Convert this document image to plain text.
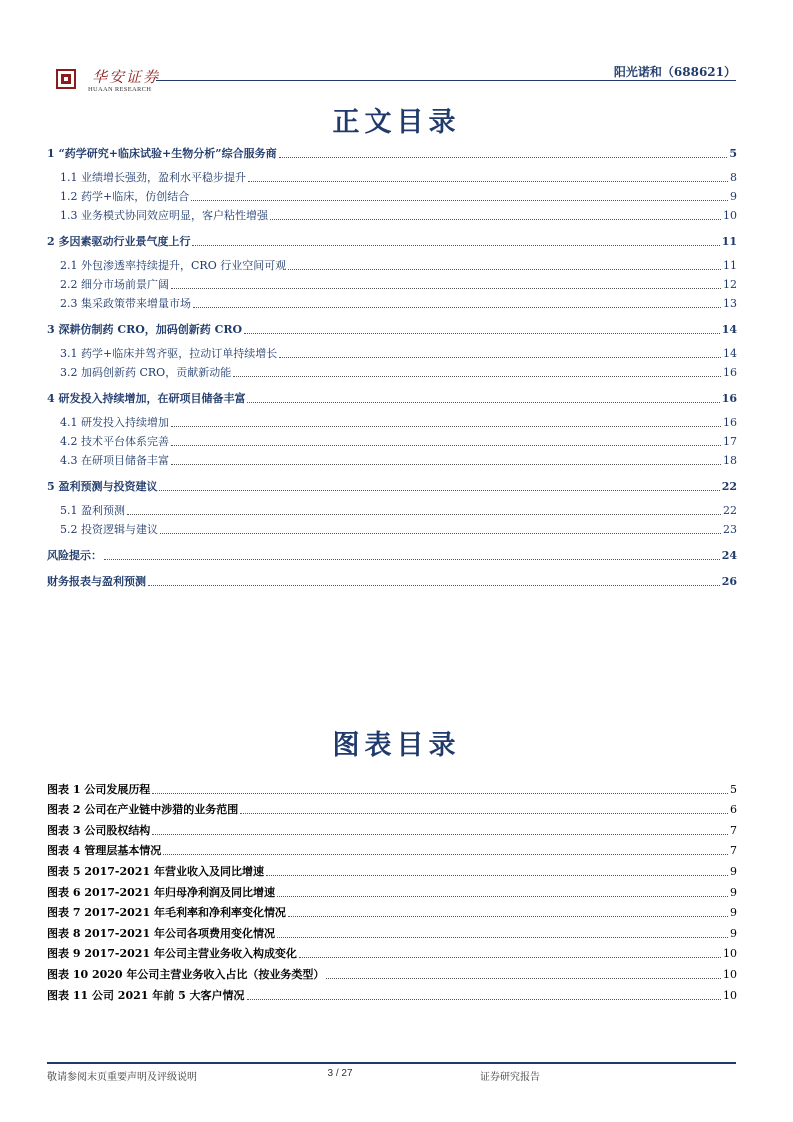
华安证券
HUAAN RESEARCH
阳光诺和（688621）
正文目录
1 “药学研究+临床试验+生物分析”综合服务商	5
1.1 业绩增长强劲，盈利水平稳步提升	8
1.2 药学+临床，仿创结合	9
1.3 业务模式协同效应明显，客户粘性增强	10
2 多因素驱动行业景气度上行	11
2.1 外包渗透率持续提升，CRO 行业空间可观	11
2.2 细分市场前景广阔	12
2.3 集采政策带来增量市场	13
3 深耕仿制药 CRO，加码创新药 CRO	14
3.1 药学+临床并驾齐驱，拉动订单持续增长	14
3.2 加码创新药 CRO，贡献新动能	16
4 研发投入持续增加，在研项目储备丰富	16
4.1 研发投入持续增加	16
4.2 技术平台体系完善	17
4.3 在研项目储备丰富	18
5 盈利预测与投资建议	22
5.1 盈利预测	22
5.2 投资逻辑与建议	23
风险提示：	24
财务报表与盈利预测	26
图表目录
图表 1 公司发展历程	5
图表 2 公司在产业链中涉猎的业务范围	6
图表 3 公司股权结构	7
图表 4 管理层基本情况	7
图表 5 2017-2021 年营业收入及同比增速	9
图表 6 2017-2021 年归母净利润及同比增速	9
图表 7 2017-2021 年毛利率和净利率变化情况	9
图表 8 2017-2021 年公司各项费用变化情况	9
图表 9 2017-2021 年公司主营业务收入构成变化	10
图表 10 2020 年公司主营业务收入占比（按业务类型）	10
图表 11 公司 2021 年前 5 大客户情况	10
敬请参阅末页重要声明及评级说明	3 / 27	证券研究报告
